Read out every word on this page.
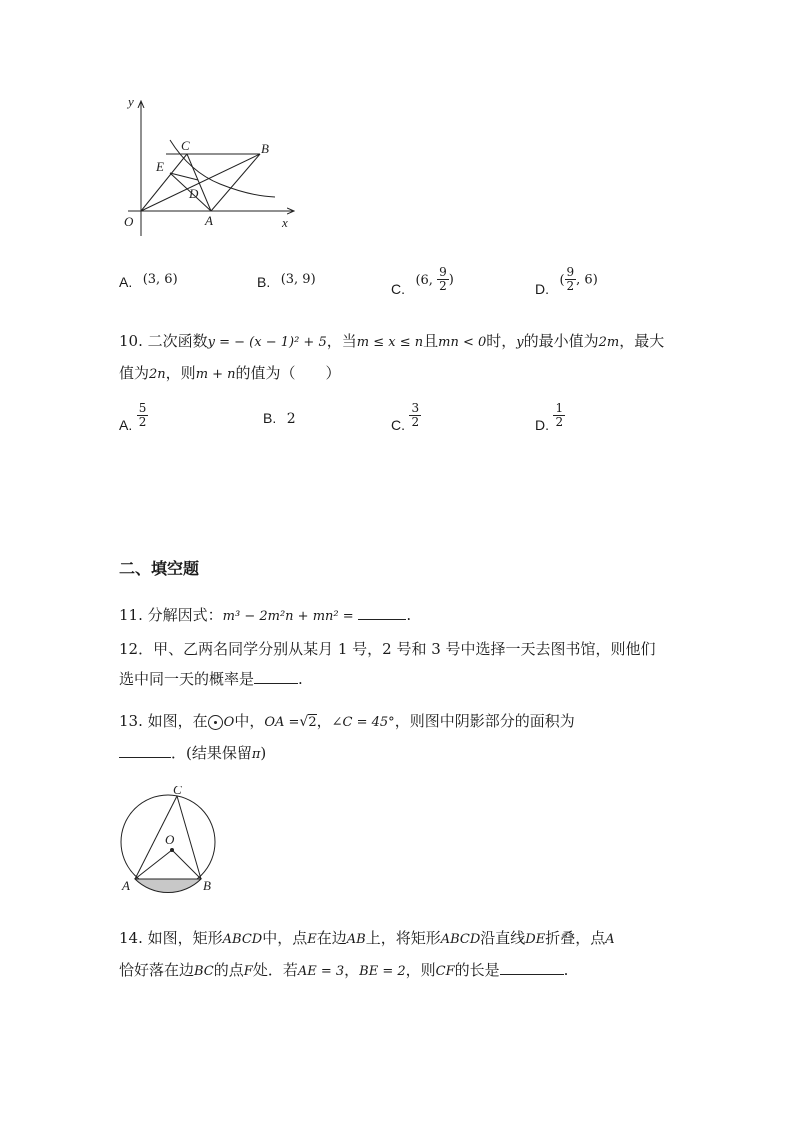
y
x
O	A
B
C
D
E
A. (3, 6)	B. (3, 9)
C. (6, $\frac{9}{2}$ )
D. ( $\frac{9}{2}$ , 6)
10. 二次函数y = − (x − 1)² + 5，当m ≤ x ≤ n且mn < 0时，y的最小值为2m，最大
值为2n，则m + n的值为（　　）
A. $\frac{5}{2}$	B. 2	C. $\frac{3}{2}$	D. $\frac{1}{2}$
二、填空题
11. 分解因式：m³ − 2m²n + mn² =	.
12．甲、乙两名同学分别从某月 1 号，2 号和 3 号中选择一天去图书馆，则他们
选中同一天的概率是	.
13. 如图，在 O中，OA =√2，∠C = 45°，则图中阴影部分的面积为
．(结果保留π)
C
O
A	B
14. 如图，矩形ABCD中，点E在边AB上，将矩形ABCD沿直线DE折叠，点A
恰好落在边BC的点F处．若AE = 3，BE = 2，则CF的长是	.
